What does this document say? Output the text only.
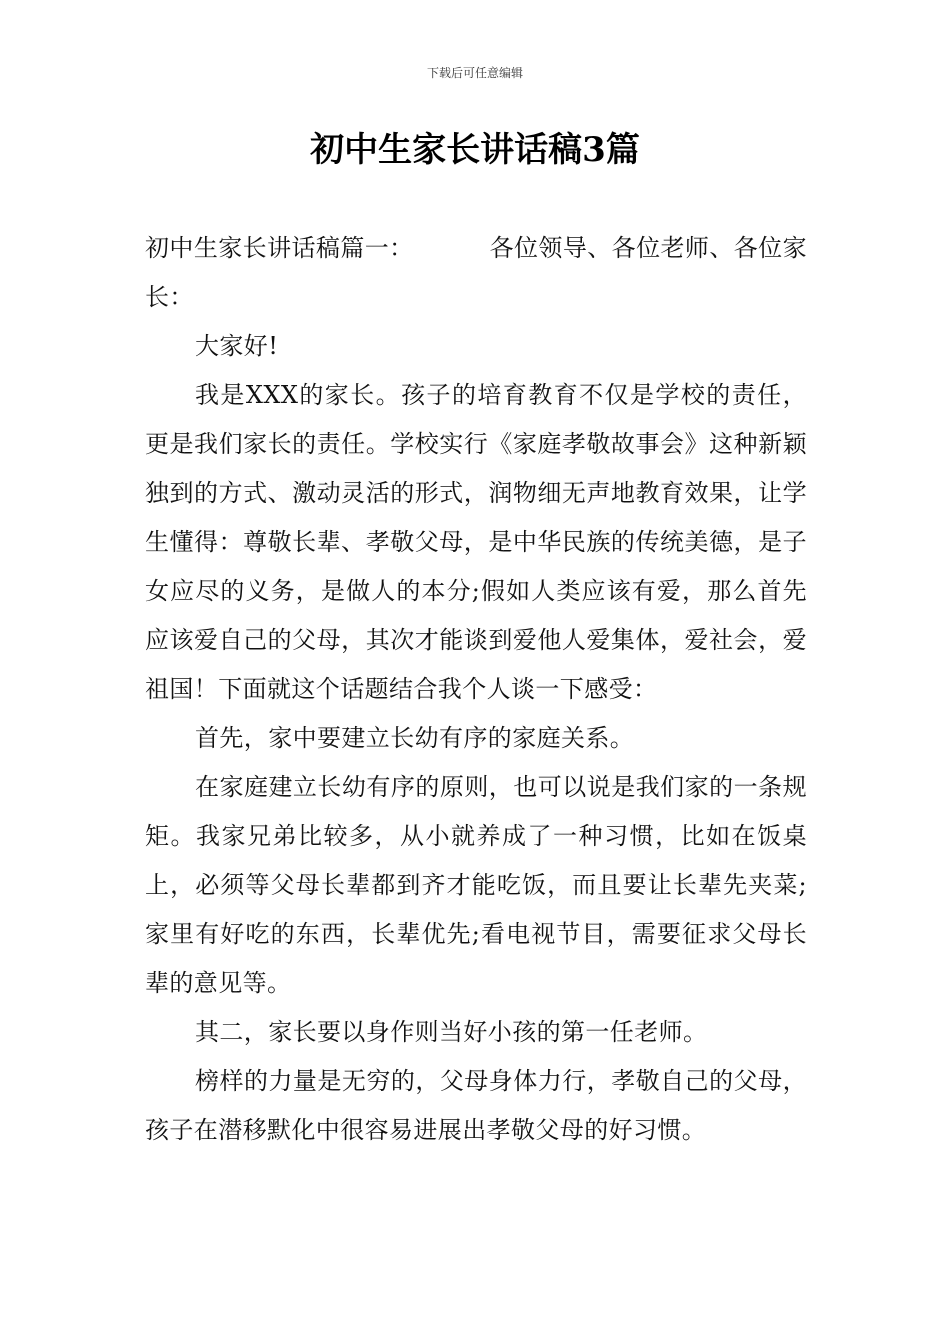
下载后可任意编辑
初中生家长讲话稿3篇

初中生家长讲话稿篇一：	各位领导、各位老师、各位家长：

大家好!

我是XXX的家长。孩子的培育教育不仅是学校的责任，更是我们家长的责任。学校实行《家庭孝敬故事会》这种新颖独到的方式、激动灵活的形式，润物细无声地教育效果，让学生懂得：尊敬长辈、孝敬父母，是中华民族的传统美德，是子女应尽的义务，是做人的本分;假如人类应该有爱，那么首先应该爱自己的父母，其次才能谈到爱他人爱集体，爱社会，爱祖国！下面就这个话题结合我个人谈一下感受：

首先，家中要建立长幼有序的家庭关系。

在家庭建立长幼有序的原则，也可以说是我们家的一条规矩。我家兄弟比较多，从小就养成了一种习惯，比如在饭桌上，必须等父母长辈都到齐才能吃饭，而且要让长辈先夹菜;家里有好吃的东西，长辈优先;看电视节目，需要征求父母长辈的意见等。

其二，家长要以身作则当好小孩的第一任老师。

榜样的力量是无穷的，父母身体力行，孝敬自己的父母，孩子在潜移默化中很容易进展出孝敬父母的好习惯。
